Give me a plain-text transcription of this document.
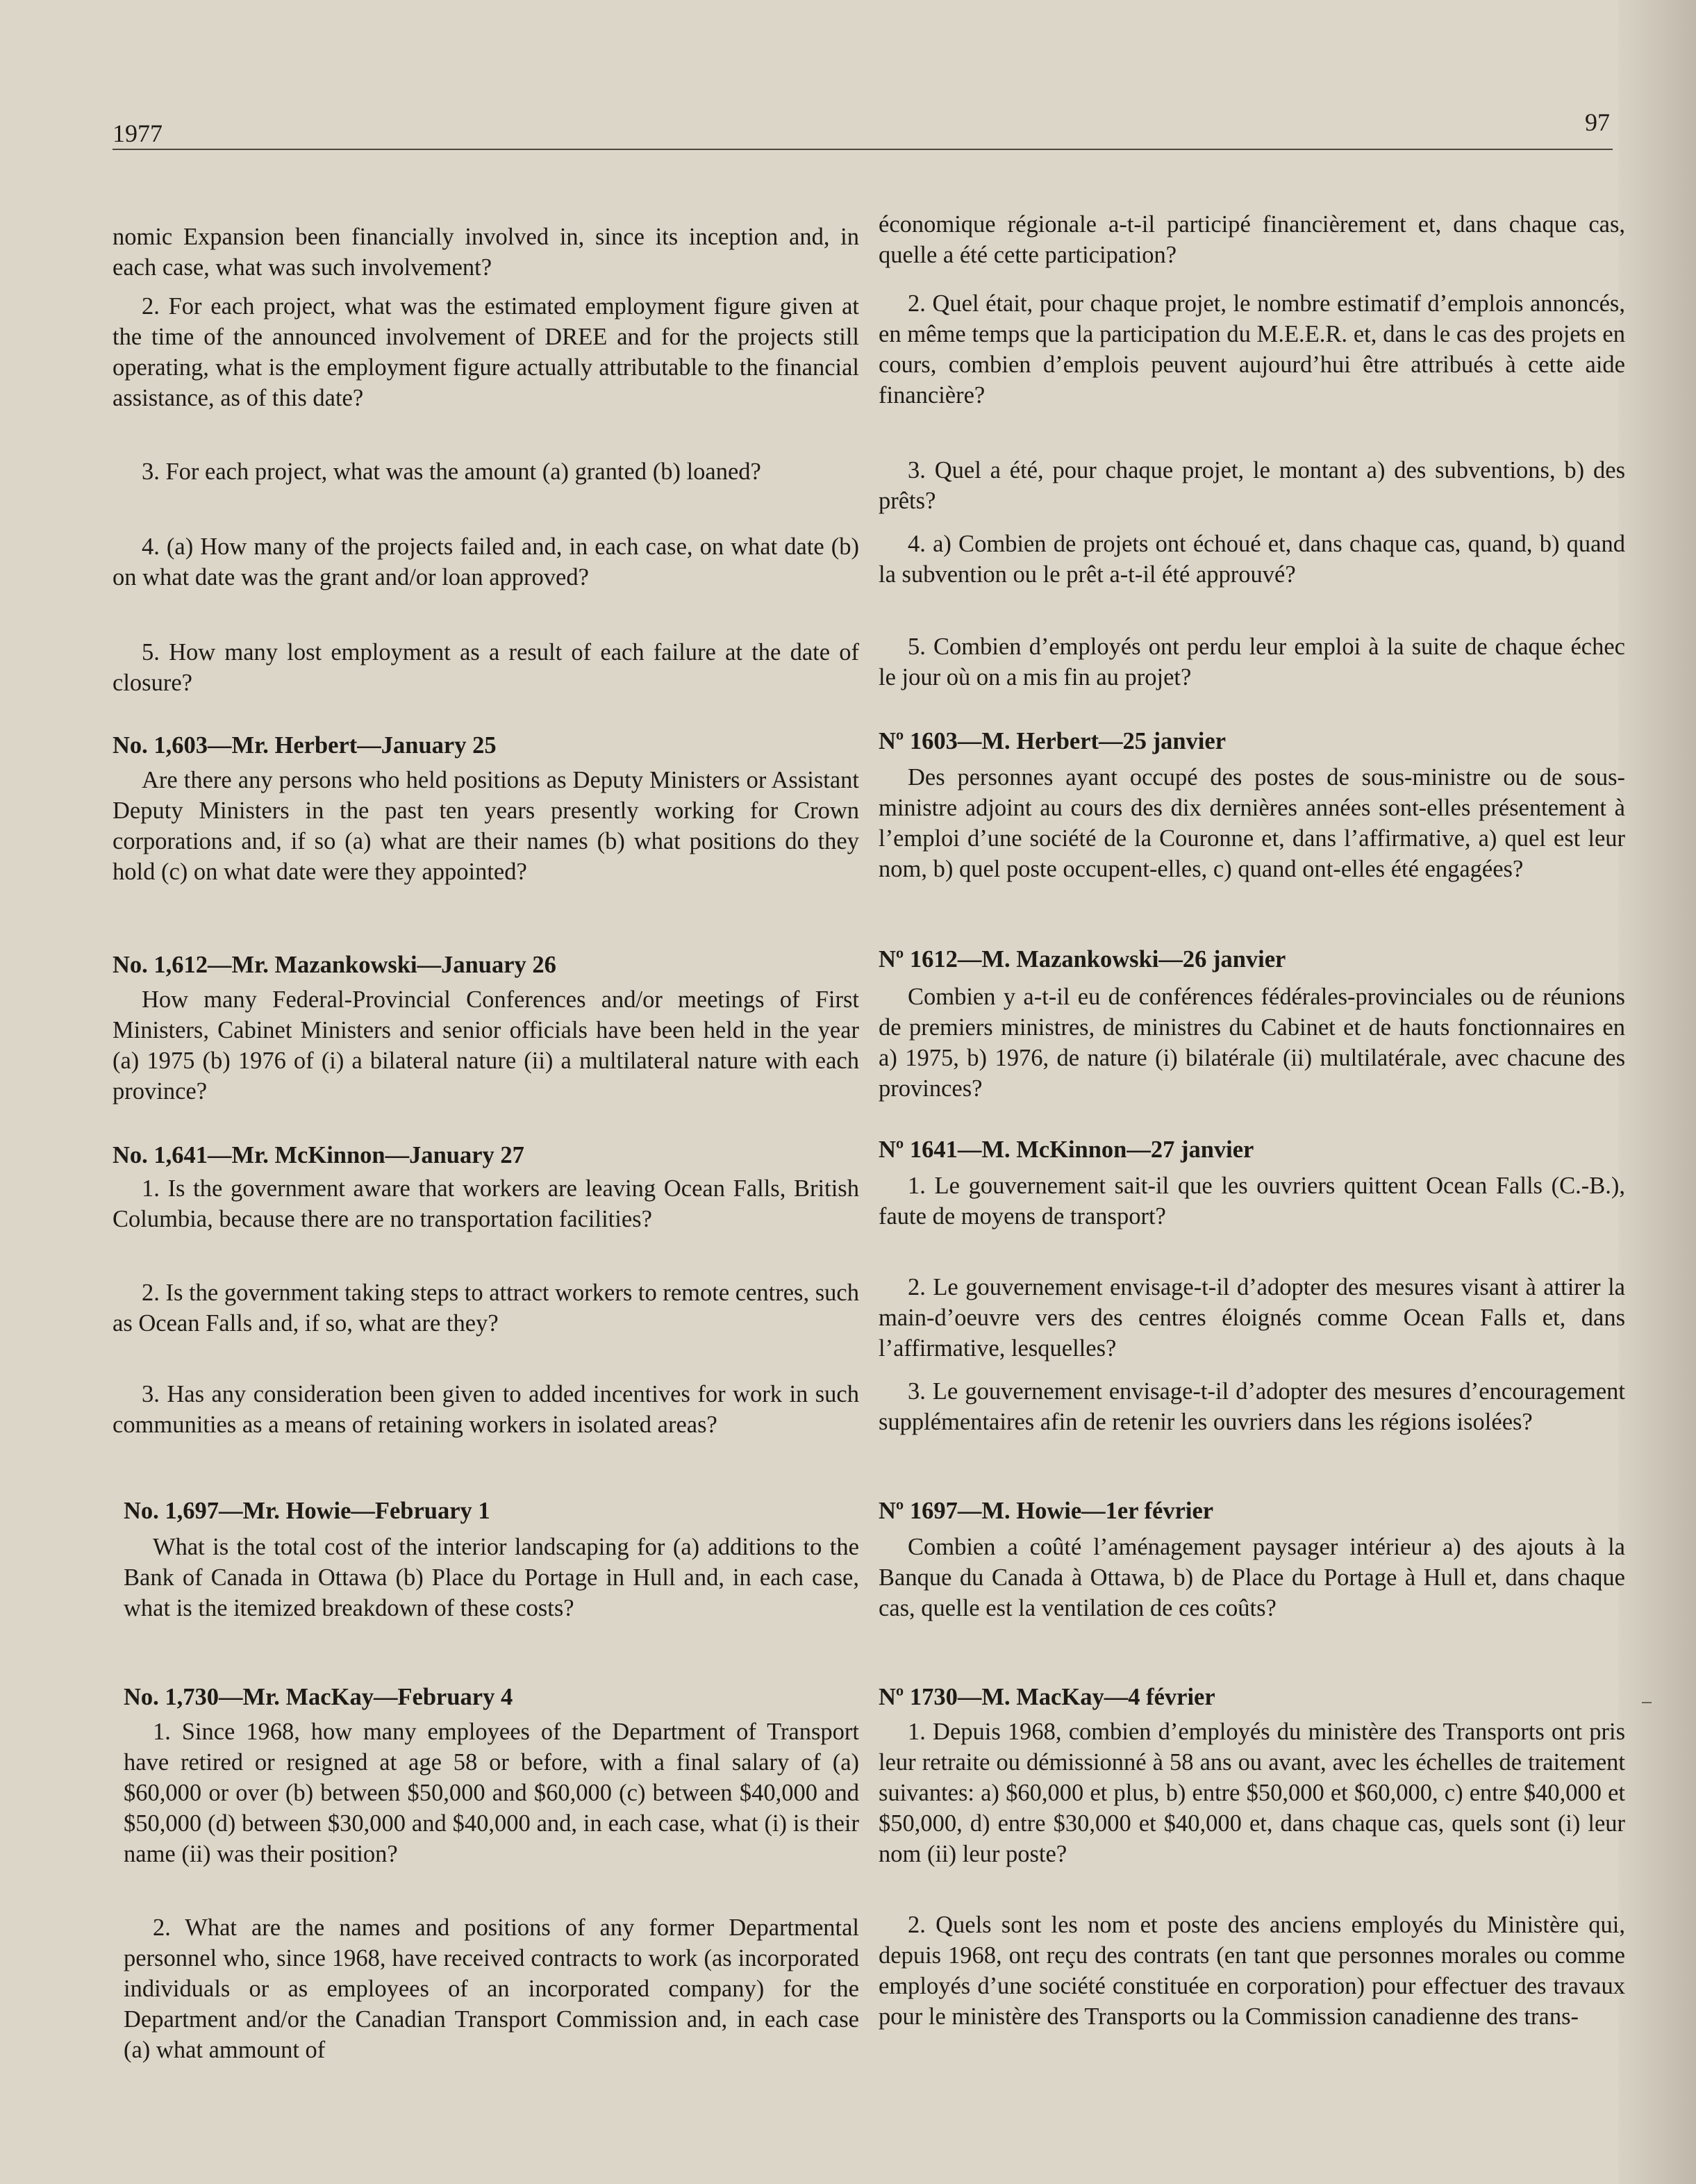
1977	97
nomic Expansion been financially involved in, since its inception and, in each case, what was such involvement?
2. For each project, what was the estimated employment figure given at the time of the announced involvement of DREE and for the projects still operating, what is the employment figure actually attributable to the financial assistance, as of this date?
3. For each project, what was the amount (a) granted (b) loaned?
4. (a) How many of the projects failed and, in each case, on what date (b) on what date was the grant and/or loan approved?
5. How many lost employment as a result of each failure at the date of closure?
No. 1,603—Mr. Herbert—January 25
Are there any persons who held positions as Deputy Ministers or Assistant Deputy Ministers in the past ten years presently working for Crown corporations and, if so (a) what are their names (b) what positions do they hold (c) on what date were they appointed?
No. 1,612—Mr. Mazankowski—January 26
How many Federal-Provincial Conferences and/or meetings of First Ministers, Cabinet Ministers and senior officials have been held in the year (a) 1975 (b) 1976 of (i) a bilateral nature (ii) a multilateral nature with each province?
No. 1,641—Mr. McKinnon—January 27
1. Is the government aware that workers are leaving Ocean Falls, British Columbia, because there are no transportation facilities?
2. Is the government taking steps to attract workers to remote centres, such as Ocean Falls and, if so, what are they?
3. Has any consideration been given to added incentives for work in such communities as a means of retaining workers in isolated areas?
No. 1,697—Mr. Howie—February 1
What is the total cost of the interior landscaping for (a) additions to the Bank of Canada in Ottawa (b) Place du Portage in Hull and, in each case, what is the itemized breakdown of these costs?
No. 1,730—Mr. MacKay—February 4
1. Since 1968, how many employees of the Department of Transport have retired or resigned at age 58 or before, with a final salary of (a) $60,000 or over (b) between $50,000 and $60,000 (c) between $40,000 and $50,000 (d) between $30,000 and $40,000 and, in each case, what (i) is their name (ii) was their position?
2. What are the names and positions of any former Departmental personnel who, since 1968, have received contracts to work (as incorporated individuals or as employees of an incorporated company) for the Department and/or the Canadian Transport Commission and, in each case (a) what ammount of
économique régionale a-t-il participé financièrement et, dans chaque cas, quelle a été cette participation?
2. Quel était, pour chaque projet, le nombre estimatif d’emplois annoncés, en même temps que la participation du M.E.E.R. et, dans le cas des projets en cours, combien d’emplois peuvent aujourd’hui être attribués à cette aide financière?
3. Quel a été, pour chaque projet, le montant a) des subventions, b) des prêts?
4. a) Combien de projets ont échoué et, dans chaque cas, quand, b) quand la subvention ou le prêt a-t-il été approuvé?
5. Combien d’employés ont perdu leur emploi à la suite de chaque échec le jour où on a mis fin au projet?
Nº 1603—M. Herbert—25 janvier
Des personnes ayant occupé des postes de sous-ministre ou de sous-ministre adjoint au cours des dix dernières années sont-elles présentement à l’emploi d’une société de la Couronne et, dans l’affirmative, a) quel est leur nom, b) quel poste occupent-elles, c) quand ont-elles été engagées?
Nº 1612—M. Mazankowski—26 janvier
Combien y a-t-il eu de conférences fédérales-provinciales ou de réunions de premiers ministres, de ministres du Cabinet et de hauts fonctionnaires en a) 1975, b) 1976, de nature (i) bilatérale (ii) multilatérale, avec chacune des provinces?
Nº 1641—M. McKinnon—27 janvier
1. Le gouvernement sait-il que les ouvriers quittent Ocean Falls (C.-B.), faute de moyens de transport?
2. Le gouvernement envisage-t-il d’adopter des mesures visant à attirer la main-d’oeuvre vers des centres éloignés comme Ocean Falls et, dans l’affirmative, lesquelles?
3. Le gouvernement envisage-t-il d’adopter des mesures d’encouragement supplémentaires afin de retenir les ouvriers dans les régions isolées?
Nº 1697—M. Howie—1er février
Combien a coûté l’aménagement paysager intérieur a) des ajouts à la Banque du Canada à Ottawa, b) de Place du Portage à Hull et, dans chaque cas, quelle est la ventilation de ces coûts?
Nº 1730—M. MacKay—4 février
1. Depuis 1968, combien d’employés du ministère des Transports ont pris leur retraite ou démissionné à 58 ans ou avant, avec les échelles de traitement suivantes: a) $60,000 et plus, b) entre $50,000 et $60,000, c) entre $40,000 et $50,000, d) entre $30,000 et $40,000 et, dans chaque cas, quels sont (i) leur nom (ii) leur poste?
2. Quels sont les nom et poste des anciens employés du Ministère qui, depuis 1968, ont reçu des contrats (en tant que personnes morales ou comme employés d’une société constituée en corporation) pour effectuer des travaux pour le ministère des Transports ou la Commission canadienne des trans-
